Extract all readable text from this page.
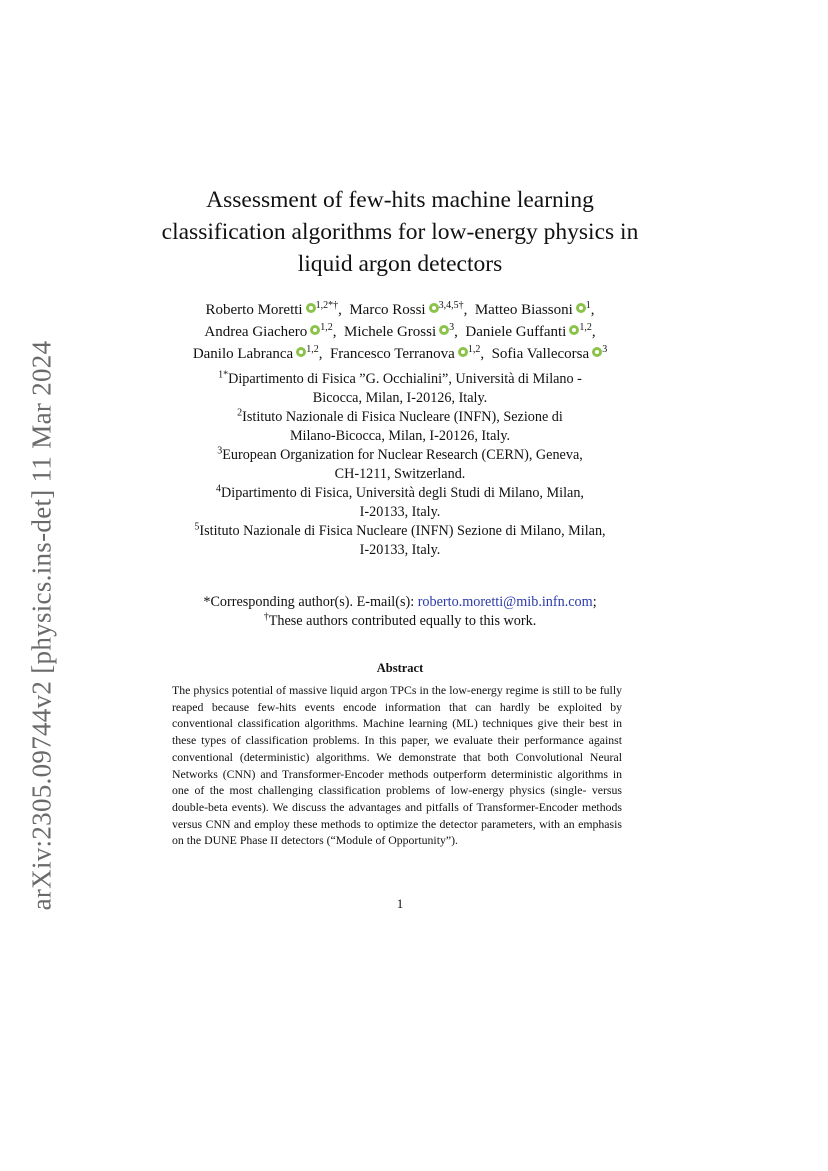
arXiv:2305.09744v2 [physics.ins-det] 11 Mar 2024
Assessment of few-hits machine learning
classification algorithms for low-energy physics in
liquid argon detectors
Roberto Moretti $^{1,2*\dagger}$,  Marco Rossi $^{3,4,5\dagger}$,  Matteo Biassoni $^1$,
Andrea Giachero $^{1,2}$,  Michele Grossi $^3$,  Daniele Guffanti $^{1,2}$,
Danilo Labranca $^{1,2}$,  Francesco Terranova $^{1,2}$,  Sofia Vallecorsa $^3$
$^{1*}$Dipartimento di Fisica ”G. Occhialini”, Università di Milano -
Bicocca, Milan, I-20126, Italy.
$^2$Istituto Nazionale di Fisica Nucleare (INFN), Sezione di
Milano-Bicocca, Milan, I-20126, Italy.
$^3$European Organization for Nuclear Research (CERN), Geneva,
CH-1211, Switzerland.
$^4$Dipartimento di Fisica, Università degli Studi di Milano, Milan,
I-20133, Italy.
$^5$Istituto Nazionale di Fisica Nucleare (INFN) Sezione di Milano, Milan,
I-20133, Italy.
*Corresponding author(s). E-mail(s): roberto.moretti@mib.infn.com;
†These authors contributed equally to this work.
Abstract
The physics potential of massive liquid argon TPCs in the low-energy regime is still to be fully reaped because few-hits events encode information that can hardly be exploited by conventional classification algorithms. Machine learning (ML) techniques give their best in these types of classification problems. In this paper, we evaluate their performance against conventional (deterministic) algorithms. We demonstrate that both Convolutional Neural Networks (CNN) and Transformer-Encoder methods outperform deterministic algorithms in one of the most challenging classification problems of low-energy physics (single- versus double-beta events). We discuss the advantages and pitfalls of Transformer-Encoder methods versus CNN and employ these methods to optimize the detector parameters, with an emphasis on the DUNE Phase II detectors (“Module of Opportunity”).
1
